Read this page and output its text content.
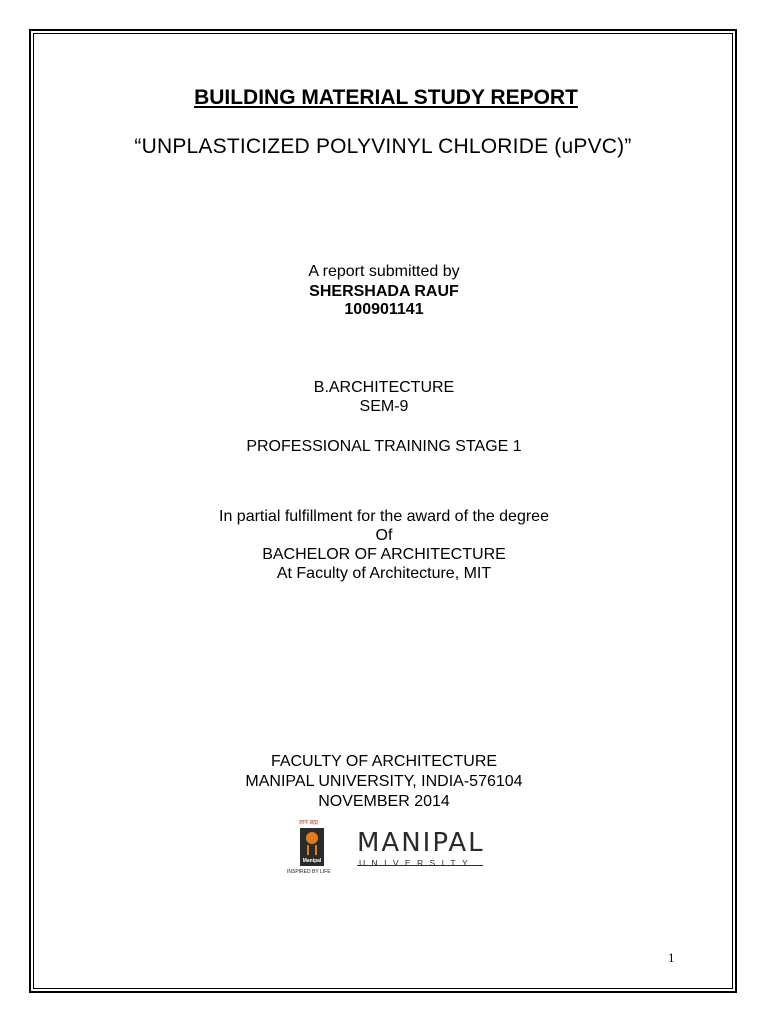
BUILDING MATERIAL STUDY REPORT
“UNPLASTICIZED POLYVINYL CHLORIDE (uPVC)”
A report submitted by
SHERSHADA RAUF
100901141
B.ARCHITECTURE
SEM-9
PROFESSIONAL TRAINING STAGE 1
In partial fulfillment for the award of the degree
Of
BACHELOR OF ARCHITECTURE
At Faculty of Architecture, MIT
FACULTY OF ARCHITECTURE
MANIPAL UNIVERSITY, INDIA-576104
NOVEMBER 2014
ज्ञानं ब्रह्म
Manipal
INSPIRED BY LIFE
MANIPAL
UNIVERSITY
1
